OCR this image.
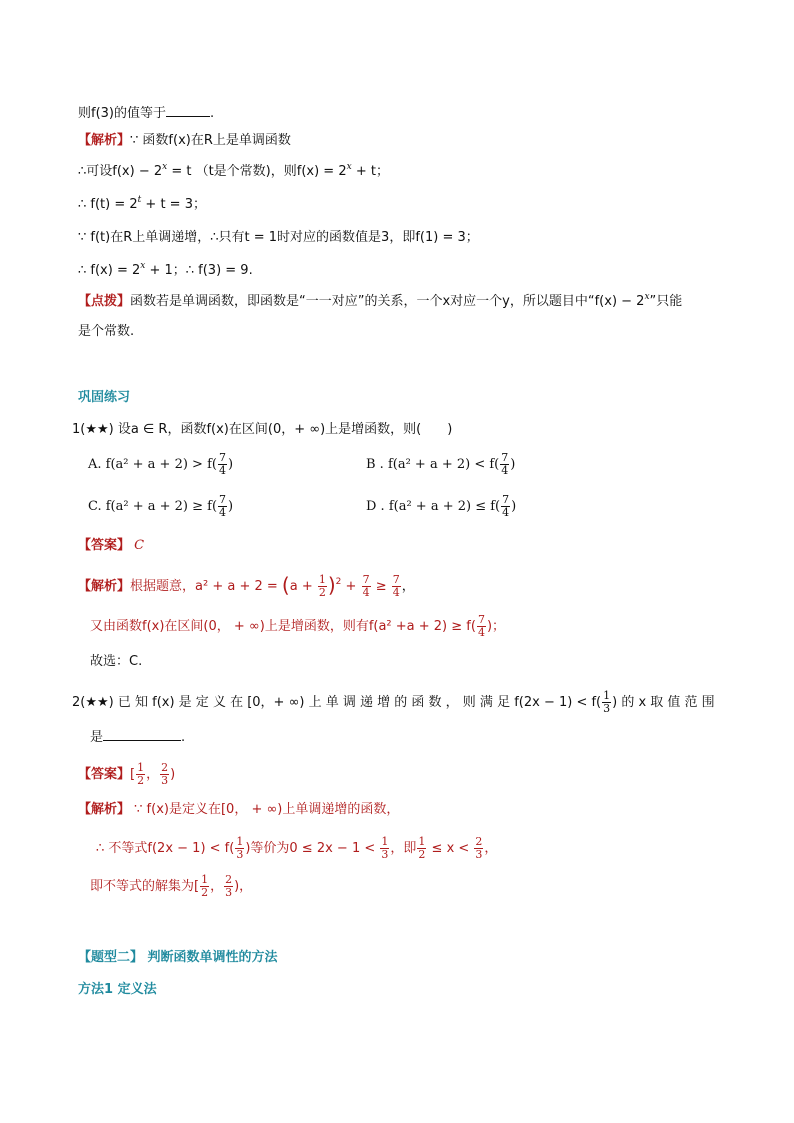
则f(3)的值等于	.
【解析】∵ 函数f(x)在R上是单调函数
∴可设$f(x) - 2^x = t$ （t是个常数)，则$f(x) = 2^x + t$；
∴ $f(t) = 2^t + t = 3$；
∵ f(t)在R上单调递增，∴只有t = 1时对应的函数值是3，即f(1) = 3；
∴ $f(x) = 2^x + 1$；∴ f(3) = 9.
【点拨】函数若是单调函数，即函数是“一一对应”的关系，一个x对应一个y，所以题目中“$f(x) - 2^x$”只能
是个常数.
巩固练习
1(★★) 设a ∈ R，函数f(x)在区间(0，+ ∞)上是增函数，则(　　)
A. $f(a^2 + a + 2) > f( \frac{7}{4}$ )	B . $f(a^2 + a + 2) < f( \frac{7}{4}$ )
C. $f(a^2 + a + 2) \ge f( \frac{7}{4}$ )	D . $f(a^2 + a + 2) \le f( \frac{7}{4}$ )
【答案】 C
【解析】根据题意，$a^2 + a + 2 = (a + \frac{1}{2} )^2 + \frac{7}{4} \ge \frac{7}{4}$ ，
又由函数f(x)在区间(0， + ∞)上是增函数，则有$f(a^2 +a + 2) \ge f( \frac{7}{4}$ )；
故选：C.
2(★★) 已 知 f(x) 是 定 义 在 [0，+ ∞) 上 单 调 递 增 的 函 数 ， 则 满 足 $f(2x - 1) < f( \frac{1}{3}$ ) 的 x 取 值 范 围
是	.
【答案】[ $\frac{1}{2}$ ， $\frac{2}{3}$ )
【解析】 ∵ f(x)是定义在[0， + ∞)上单调递增的函数，
∴ 不等式$f(2x - 1) < f( \frac{1}{3}$ )等价为$0 \le 2x - 1 < \frac{1}{3}$ ，即 $\frac{1}{2} \le x < \frac{2}{3}$ ，
即不等式的解集为[ $\frac{1}{2}$ ， $\frac{2}{3}$ )，
【题型二】 判断函数单调性的方法
方法1 定义法
